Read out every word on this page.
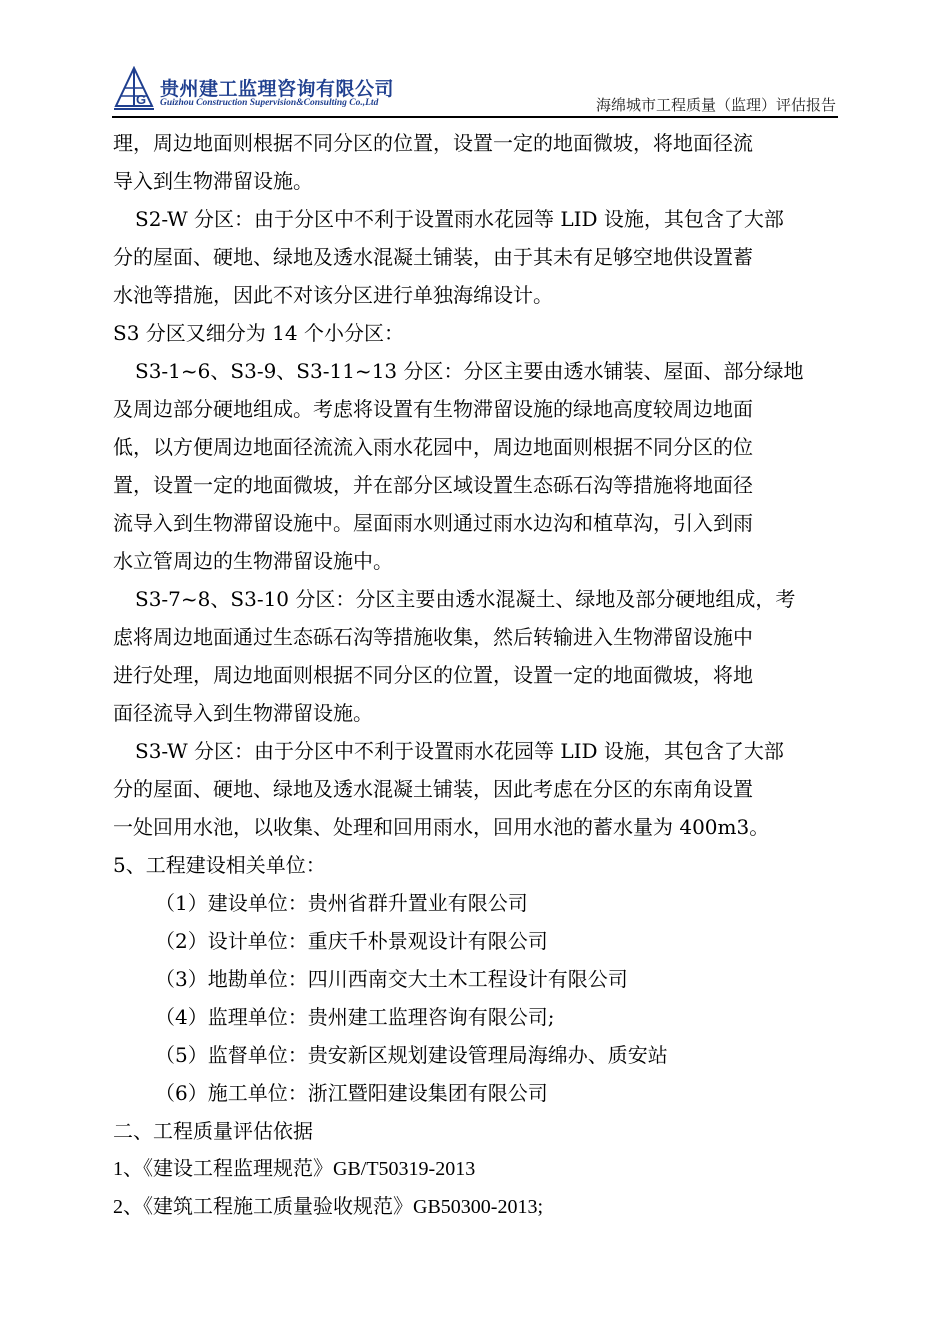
G 贵州建工监理咨询有限公司
Guizhou Construction Supervision&Consulting Co.,Ltd	海绵城市工程质量（监理）评估报告
理，周边地面则根据不同分区的位置，设置一定的地面微坡，将地面径流
导入到生物滞留设施。
S2-W 分区：由于分区中不利于设置雨水花园等 LID 设施，其包含了大部
分的屋面、硬地、绿地及透水混凝土铺装，由于其未有足够空地供设置蓄
水池等措施，因此不对该分区进行单独海绵设计。
S3 分区又细分为 14 个小分区：
S3-1~6、S3-9、S3-11~13 分区：分区主要由透水铺装、屋面、部分绿地
及周边部分硬地组成。考虑将设置有生物滞留设施的绿地高度较周边地面
低，以方便周边地面径流流入雨水花园中，周边地面则根据不同分区的位
置，设置一定的地面微坡，并在部分区域设置生态砾石沟等措施将地面径
流导入到生物滞留设施中。屋面雨水则通过雨水边沟和植草沟，引入到雨
水立管周边的生物滞留设施中。
S3-7~8、S3-10 分区：分区主要由透水混凝土、绿地及部分硬地组成，考
虑将周边地面通过生态砾石沟等措施收集，然后转输进入生物滞留设施中
进行处理，周边地面则根据不同分区的位置，设置一定的地面微坡，将地
面径流导入到生物滞留设施。
S3-W 分区：由于分区中不利于设置雨水花园等 LID 设施，其包含了大部
分的屋面、硬地、绿地及透水混凝土铺装，因此考虑在分区的东南角设置
一处回用水池，以收集、处理和回用雨水，回用水池的蓄水量为 400m3。
5、工程建设相关单位：
（1）建设单位：贵州省群升置业有限公司
（2）设计单位：重庆千朴景观设计有限公司
（3）地勘单位：四川西南交大土木工程设计有限公司
（4）监理单位：贵州建工监理咨询有限公司;
（5）监督单位：贵安新区规划建设管理局海绵办、质安站
（6）施工单位：浙江暨阳建设集团有限公司
二、工程质量评估依据
1、《建设工程监理规范》GB/T50319-2013
2、《建筑工程施工质量验收规范》GB50300-2013;
